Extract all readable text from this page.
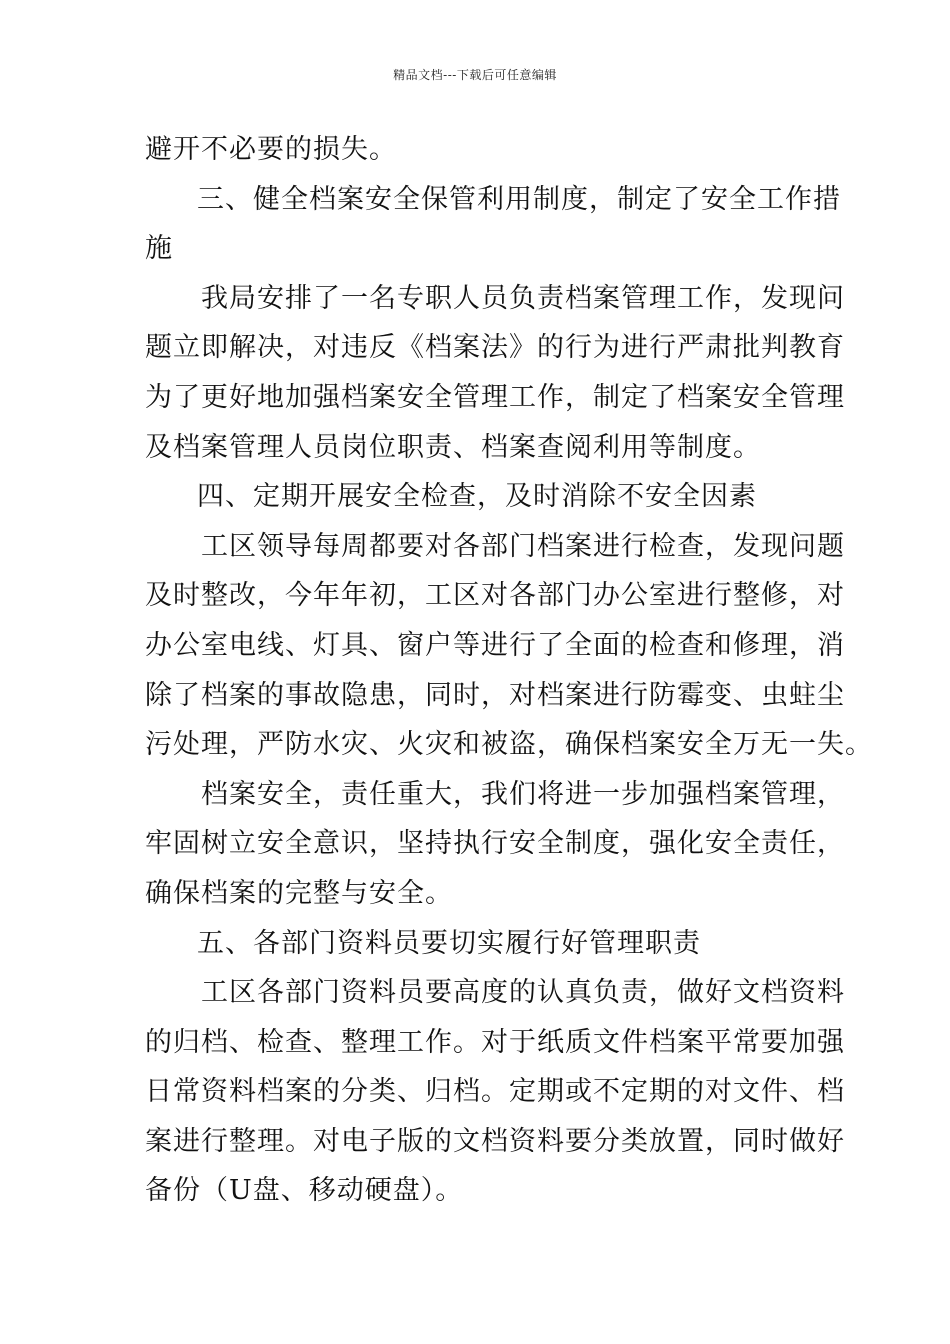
精品文档---下载后可任意编辑
避开不必要的损失。
三、健全档案安全保管利用制度，制定了安全工作措
施
我局安排了一名专职人员负责档案管理工作，发现问
题立即解决，对违反《档案法》的行为进行严肃批判教育
为了更好地加强档案安全管理工作，制定了档案安全管理
及档案管理人员岗位职责、档案查阅利用等制度。
四、定期开展安全检查，及时消除不安全因素
工区领导每周都要对各部门档案进行检查，发现问题
及时整改，今年年初，工区对各部门办公室进行整修，对
办公室电线、灯具、窗户等进行了全面的检查和修理，消
除了档案的事故隐患，同时，对档案进行防霉变、虫蛀尘
污处理，严防水灾、火灾和被盗，确保档案安全万无一失。
档案安全，责任重大，我们将进一步加强档案管理，
牢固树立安全意识，坚持执行安全制度，强化安全责任，
确保档案的完整与安全。
五、各部门资料员要切实履行好管理职责
工区各部门资料员要高度的认真负责，做好文档资料
的归档、检查、整理工作。对于纸质文件档案平常要加强
日常资料档案的分类、归档。定期或不定期的对文件、档
案进行整理。对电子版的文档资料要分类放置，同时做好
备份（U盘、移动硬盘）。
